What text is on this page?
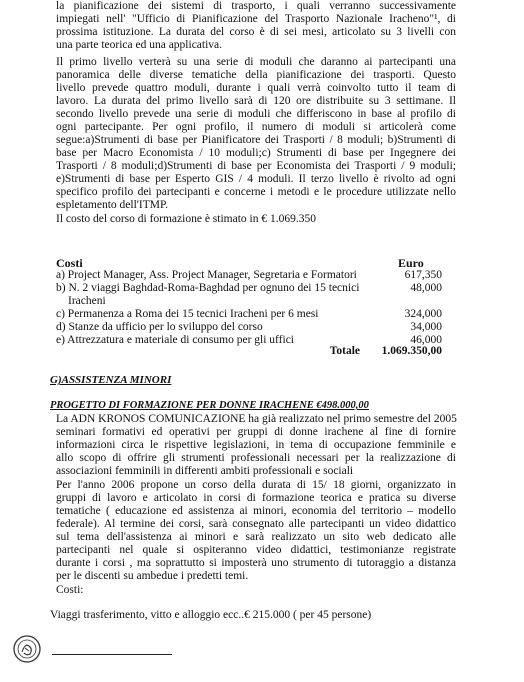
la pianificazione dei sistemi di trasporto, i quali verranno successivamente
impiegati nell' "Ufficio di Pianificazione del Trasporto Nazionale Iracheno"¹, di
prossima istituzione. La durata del corso è di sei mesi, articolato su 3 livelli con
una parte teorica ed una applicativa.
Il primo livello verterà su una serie di moduli che daranno ai partecipanti una
panoramica delle diverse tematiche della pianificazione dei trasporti. Questo
livello prevede quattro moduli, durante i quali verrà coinvolto tutto il team di
lavoro. La durata del primo livello sarà di 120 ore distribuite su 3 settimane. Il
secondo livello prevede una serie di moduli che differiscono in base al profilo di
ogni partecipante. Per ogni profilo, il numero di moduli si articolerà come
segue:a)Strumenti di base per Pianificatore dei Trasporti / 8 moduli; b)Strumenti di
base per Macro Economista / 10 moduli;c) Strumenti di base per Ingegnere dei
Trasporti / 8 moduli;d)Strumenti di base per Economista dei Trasporti / 9 moduli;
e)Strumenti di base per Esperto GIS / 4 moduli. Il terzo livello è rivolto ad ogni
specifico profilo dei partecipanti e concerne i metodi e le procedure utilizzate nello
espletamento dell'ITMP.
Il costo del corso di formazione è stimato in € 1.069.350
Costi	Euro
a) Project Manager, Ass. Project Manager, Segretaria e Formatori	617,350
b) N. 2 viaggi Baghdad-Roma-Baghdad per ognuno dei 15 tecnici	48,000
Iracheni
c) Permanenza a Roma dei 15 tecnici Iracheni per 6 mesi	324,000
d) Stanze da ufficio per lo sviluppo del corso	34,000
e) Attrezzatura e materiale di consumo per gli uffici	46,000
Totale 1.069.350,00
G)ASSISTENZA MINORI
PROGETTO DI FORMAZIONE PER DONNE IRACHENE €498.000,00
La ADN KRONOS COMUNICAZIONE ha già realizzato nel primo semestre del 2005
seminari formativi ed operativi per gruppi di donne irachene al fine di fornire
informazioni circa le rispettive legislazioni, in tema di occupazione femminile e
allo scopo di offrire gli strumenti professionali necessari per la realizzazione di
associazioni femminili in differenti ambiti professionali e sociali
Per l'anno 2006 propone un corso della durata di 15/ 18 giorni, organizzato in
gruppi di lavoro e articolato in corsi di formazione teorica e pratica su diverse
tematiche ( educazione ed assistenza ai minori, economia del territorio – modello
federale). Al termine dei corsi, sarà consegnato alle partecipanti un video didattico
sul tema dell'assistenza ai minori e sarà realizzato un sito web dedicato alle
partecipanti nel quale si ospiteranno video didattici, testimonianze registrate
durante i corsi , ma soprattutto si imposterà uno strumento di tutoraggio a distanza
per le discenti su ambedue i predetti temi.
Costi:
Viaggi trasferimento, vitto e alloggio ecc..€ 215.000 ( per 45 persone)
